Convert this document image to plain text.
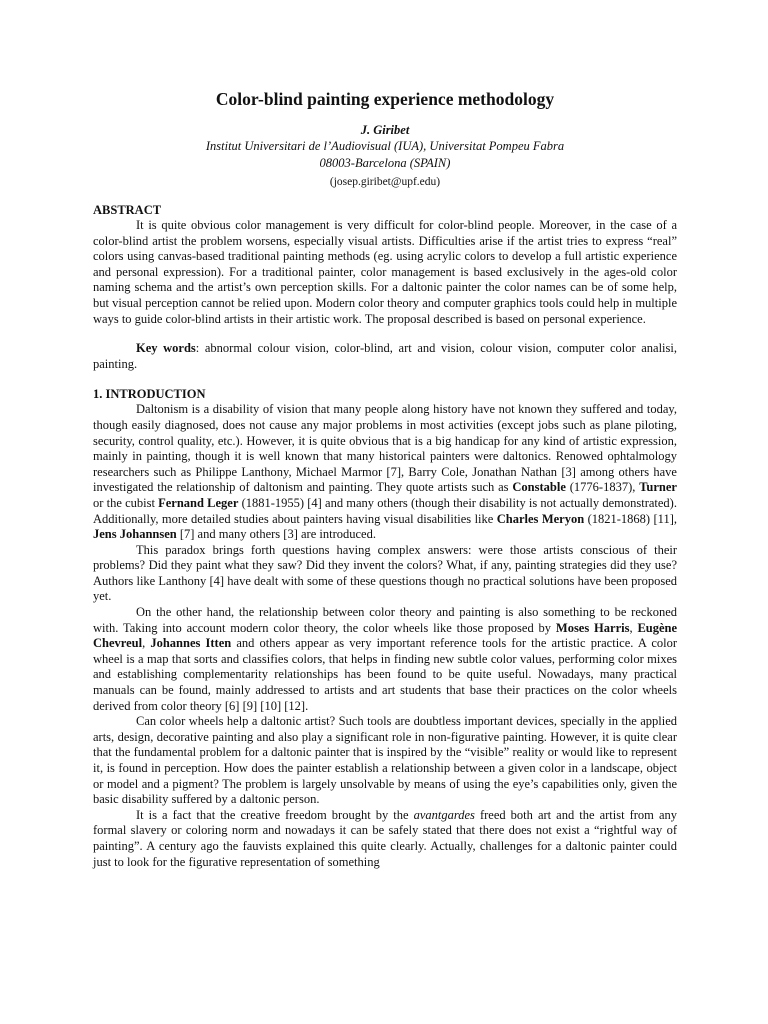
Color-blind painting experience methodology
J. Giribet
Institut Universitari de l’Audiovisual (IUA), Universitat Pompeu Fabra
08003-Barcelona (SPAIN)
(josep.giribet@upf.edu)
ABSTRACT

It is quite obvious color management is very difficult for color-blind people. Moreover, in the case of a color-blind artist the problem worsens, especially visual artists. Difficulties arise if the artist tries to express “real” colors using canvas-based traditional painting methods (eg. using acrylic colors to develop a full artistic experience and personal expression). For a traditional painter, color management is based exclusively in the ages-old color naming schema and the artist’s own perception skills. For a daltonic painter the color names can be of some help, but visual perception cannot be relied upon. Modern color theory and computer graphics tools could help in multiple ways to guide color-blind artists in their artistic work. The proposal described is based on personal experience.

Key words: abnormal colour vision, color-blind, art and vision, colour vision, computer color analisi, painting.

1. INTRODUCTION

Daltonism is a disability of vision that many people along history have not known they suffered and today, though easily diagnosed, does not cause any major problems in most activities (except jobs such as plane piloting, security, control quality, etc.). However, it is quite obvious that is a big handicap for any kind of artistic expression, mainly in painting, though it is well known that many historical painters were daltonics. Renowed ophtalmology researchers such as Philippe Lanthony, Michael Marmor [7], Barry Cole, Jonathan Nathan [3] among others have investigated the relationship of daltonism and painting. They quote artists such as Constable (1776-1837), Turner or the cubist Fernand Leger (1881-1955) [4] and many others (though their disability is not actually demonstrated). Additionally, more detailed studies about painters having visual disabilities like Charles Meryon (1821-1868) [11], Jens Johannsen [7] and many others [3] are introduced.

This paradox brings forth questions having complex answers: were those artists conscious of their problems? Did they paint what they saw? Did they invent the colors? What, if any, painting strategies did they use? Authors like Lanthony [4] have dealt with some of these questions though no practical solutions have been proposed yet.

On the other hand, the relationship between color theory and painting is also something to be reckoned with. Taking into account modern color theory, the color wheels like those proposed by Moses Harris, Eugène Chevreul, Johannes Itten and others appear as very important reference tools for the artistic practice. A color wheel is a map that sorts and classifies colors, that helps in finding new subtle color values, performing color mixes and establishing complementarity relationships has been found to be quite useful. Nowadays, many practical manuals can be found, mainly addressed to artists and art students that base their practices on the color wheels derived from color theory [6] [9] [10] [12].

Can color wheels help a daltonic artist? Such tools are doubtless important devices, specially in the applied arts, design, decorative painting and also play a significant role in non-figurative painting. However, it is quite clear that the fundamental problem for a daltonic painter that is inspired by the “visible” reality or would like to represent it, is found in perception. How does the painter establish a relationship between a given color in a landscape, object or model and a pigment? The problem is largely unsolvable by means of using the eye’s capabilities only, given the basic disability suffered by a daltonic person.

It is a fact that the creative freedom brought by the avantgardes freed both art and the artist from any formal slavery or coloring norm and nowadays it can be safely stated that there does not exist a “rightful way of painting”. A century ago the fauvists explained this quite clearly. Actually, challenges for a daltonic painter could just to look for the figurative representation of something
